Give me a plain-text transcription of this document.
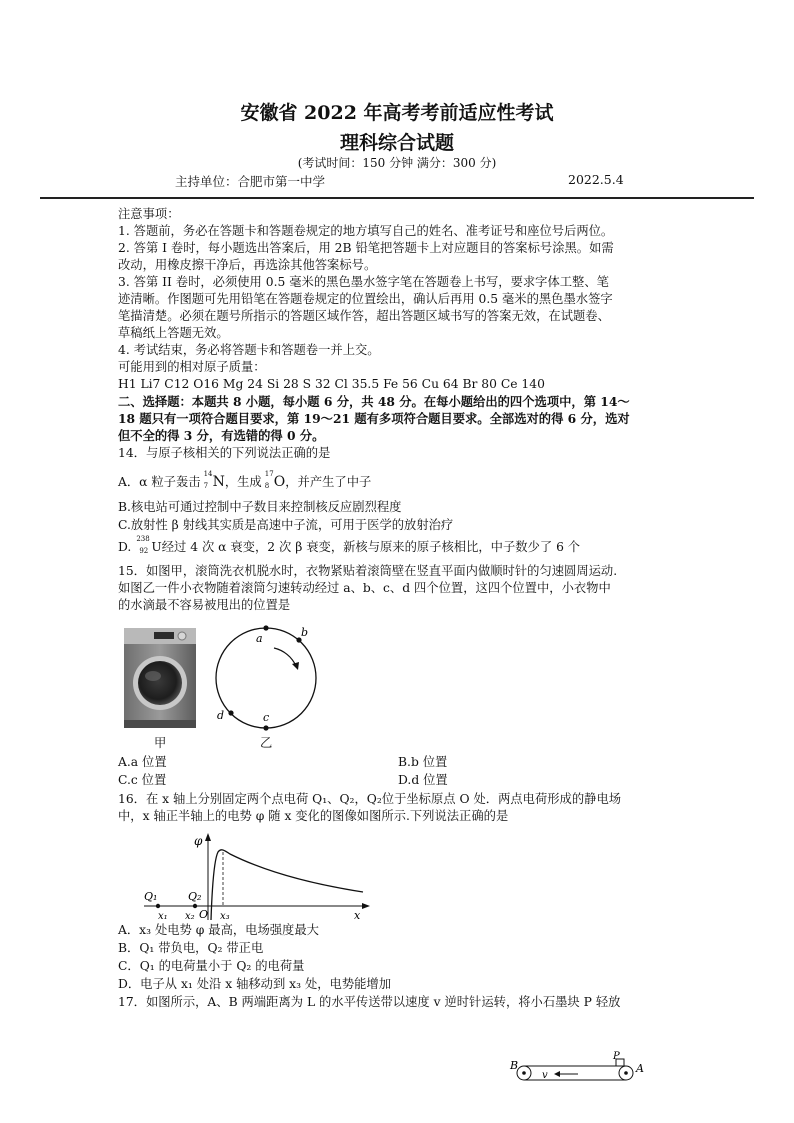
安徽省 2022 年高考考前适应性考试
理科综合试题
(考试时间：150 分钟 满分：300 分)
主持单位：合肥市第一中学	2022.5.4
注意事项：
1. 答题前，务必在答题卡和答题卷规定的地方填写自己的姓名、准考证号和座位号后两位。
2. 答第 I 卷时，每小题选出答案后，用 2B 铅笔把答题卡上对应题目的答案标号涂黑。如需
改动，用橡皮擦干净后，再选涂其他答案标号。
3. 答第 II 卷时，必须使用 0.5 毫米的黑色墨水签字笔在答题卷上书写，要求字体工整、笔
迹清晰。作图题可先用铅笔在答题卷规定的位置绘出，确认后再用 0.5 毫米的黑色墨水签字
笔描清楚。必须在题号所指示的答题区域作答，超出答题区域书写的答案无效，在试题卷、
草稿纸上答题无效。
4. 考试结束，务必将答题卡和答题卷一并上交。
可能用到的相对原子质量：
H1 Li7 C12 O16 Mg 24 Si 28 S 32 Cl 35.5 Fe 56 Cu 64 Br 80 Ce 140
二、选择题：本题共 8 小题，每小题 6 分，共 48 分。在每小题给出的四个选项中，第 14～
18 题只有一项符合题目要求，第 19～21 题有多项符合题目要求。全部选对的得 6 分，选对
但不全的得 3 分，有选错的得 0 分。
14．与原子核相关的下列说法正确的是
A．α 粒子轰击
14
7 N，生成
17
8 O，并产生了中子
B.核电站可通过控制中子数目来控制核反应剧烈程度
C.放射性 β 射线其实质是高速中子流，可用于医学的放射治疗
D.
238
92 U经过 4 次 α 衰变，2 次 β 衰变，新核与原来的原子核相比，中子数少了 6 个
15．如图甲，滚筒洗衣机脱水时，衣物紧贴着滚筒壁在竖直平面内做顺时针的匀速圆周运动.
如图乙一件小衣物随着滚筒匀速转动经过 a、b、c、d 四个位置，这四个位置中，小衣物中
的水滴最不容易被甩出的位置是
甲
a	b
c
d
乙
A.a 位置	B.b 位置
C.c 位置	D.d 位置
16．在 x 轴上分别固定两个点电荷 Q₁、Q₂，Q₂位于坐标原点 O 处．两点电荷形成的静电场
中，x 轴正半轴上的电势 φ 随 x 变化的图像如图所示.下列说法正确的是
φ
x
Q₁	Q₂
x₁ x₂ O x₃
A．x₃ 处电势 φ 最高，电场强度最大
B．Q₁ 带负电，Q₂ 带正电
C．Q₁ 的电荷量小于 Q₂ 的电荷量
D．电子从 x₁ 处沿 x 轴移动到 x₃ 处，电势能增加
17．如图所示，A、B 两端距离为 L 的水平传送带以速度 v 逆时针运转，将小石墨块 P 轻放
B	A
P
v
